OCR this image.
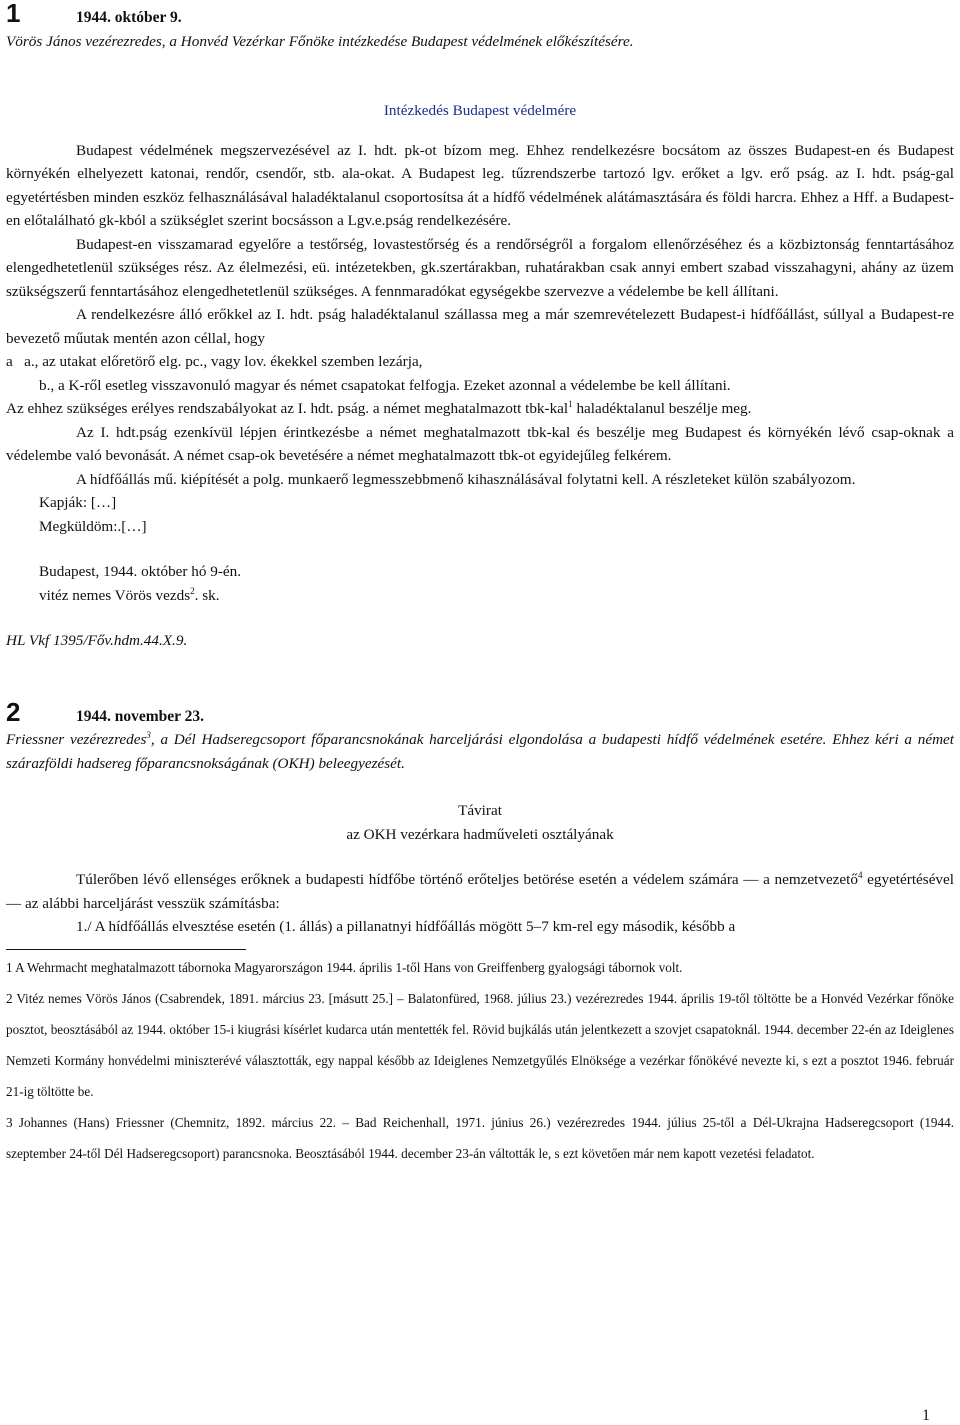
1	1944. október 9.

Vörös János vezérezredes, a Honvéd Vezérkar Főnöke intézkedése Budapest védelmének előkészítésére.

Intézkedés Budapest védelmére

Budapest védelmének megszervezésével az I. hdt. pk-ot bízom meg. Ehhez rendelkezésre bocsátom az összes Budapest-en és Budapest környékén elhelyezett katonai, rendőr, csendőr, stb. ala-okat. A Budapest leg. tűzrendszerbe tartozó lgv. erőket a lgv. erő pság. az I. hdt. pság-gal egyetértésben minden eszköz felhasználásával haladéktalanul csoportosítsa át a hídfő védelmének alátámasztására és földi harcra. Ehhez a Hff. a Budapest-en előtalálható gk-kból a szükséglet szerint bocsásson a Lgv.e.pság rendelkezésére.

Budapest-en visszamarad egyelőre a testőrség, lovastestőrség és a rendőrségről a forgalom ellenőrzéséhez és a közbiztonság fenntartásához elengedhetetlenül szükséges rész. Az élelmezési, eü. intézetekben, gk.szertárakban, ruhatárakban csak annyi embert szabad visszahagyni, ahány az üzem szükségszerű fenntartásához elengedhetetlenül szükséges. A fennmaradókat egységekbe szervezve a védelembe be kell állítani.

A rendelkezésre álló erőkkel az I. hdt. pság haladéktalanul szállassa meg a már szemrevételezett Budapest-i hídfőállást, súllyal a Budapest-re bevezető műutak mentén azon céllal, hogy

a   a., az utakat előretörő elg. pc., vagy lov. ékekkel szemben lezárja,

b., a K-ről esetleg visszavonuló magyar és német csapatokat felfogja. Ezeket azonnal a védelembe be kell állítani.

Az ehhez szükséges erélyes rendszabályokat az I. hdt. pság. a német meghatalmazott tbk-kal$^1$ haladéktalanul beszélje meg.

Az I. hdt.pság ezenkívül lépjen érintkezésbe a német meghatalmazott tbk-kal és beszélje meg Budapest és környékén lévő csap-oknak a védelembe való bevonását. A német csap-ok bevetésére a német meghatalmazott tbk-ot egyidejűleg felkérem.

A hídfőállás mű. kiépítését a polg. munkaerő legmesszebbmenő kihasználásával folytatni kell. A részleteket külön szabályozom.

Kapják: […]

Megküldöm:.[…]

Budapest, 1944. október hó 9-én.

vitéz nemes Vörös vezds$^2$. sk.

HL Vkf 1395/Főv.hdm.44.X.9.

2	1944. november 23.

Friessner vezérezredes$^3$, a Dél Hadseregcsoport főparancsnokának harceljárási elgondolása a budapesti hídfő védelmének esetére. Ehhez kéri a német szárazföldi hadsereg főparancsnokságának (OKH) beleegyezését.

Távirat

az OKH vezérkara hadműveleti osztályának

Túlerőben lévő ellenséges erőknek a budapesti hídfőbe történő erőteljes betörése esetén a védelem számára — a nemzetvezető$^4$ egyetértésével — az alábbi harceljárást vesszük számításba:

1./ A hídfőállás elvesztése esetén (1. állás) a pillanatnyi hídfőállás mögött 5–7 km-rel egy második, később a

1 A Wehrmacht meghatalmazott tábornoka Magyarországon 1944. április 1-től Hans von Greiffenberg gyalogsági tábornok volt.

2 Vitéz nemes Vörös János (Csabrendek, 1891. március 23. [másutt 25.] – Balatonfüred, 1968. július 23.) vezérezredes 1944. április 19-től töltötte be a Honvéd Vezérkar főnöke posztot, beosztásából az 1944. október 15-i kiugrási kísérlet kudarca után mentették fel. Rövid bujkálás után jelentkezett a szovjet csapatoknál. 1944. december 22-én az Ideiglenes Nemzeti Kormány honvédelmi miniszterévé választották, egy nappal később az Ideiglenes Nemzetgyűlés Elnöksége a vezérkar főnökévé nevezte ki, s ezt a posztot 1946. február 21-ig töltötte be.

3 Johannes (Hans) Friessner (Chemnitz, 1892. március 22. – Bad Reichenhall, 1971. június 26.) vezérezredes 1944. július 25-től a Dél-Ukrajna Hadseregcsoport (1944. szeptember 24-től Dél Hadseregcsoport) parancsnoka. Beosztásából 1944. december 23-án váltották le, s ezt követően már nem kapott vezetési feladatot.

1
